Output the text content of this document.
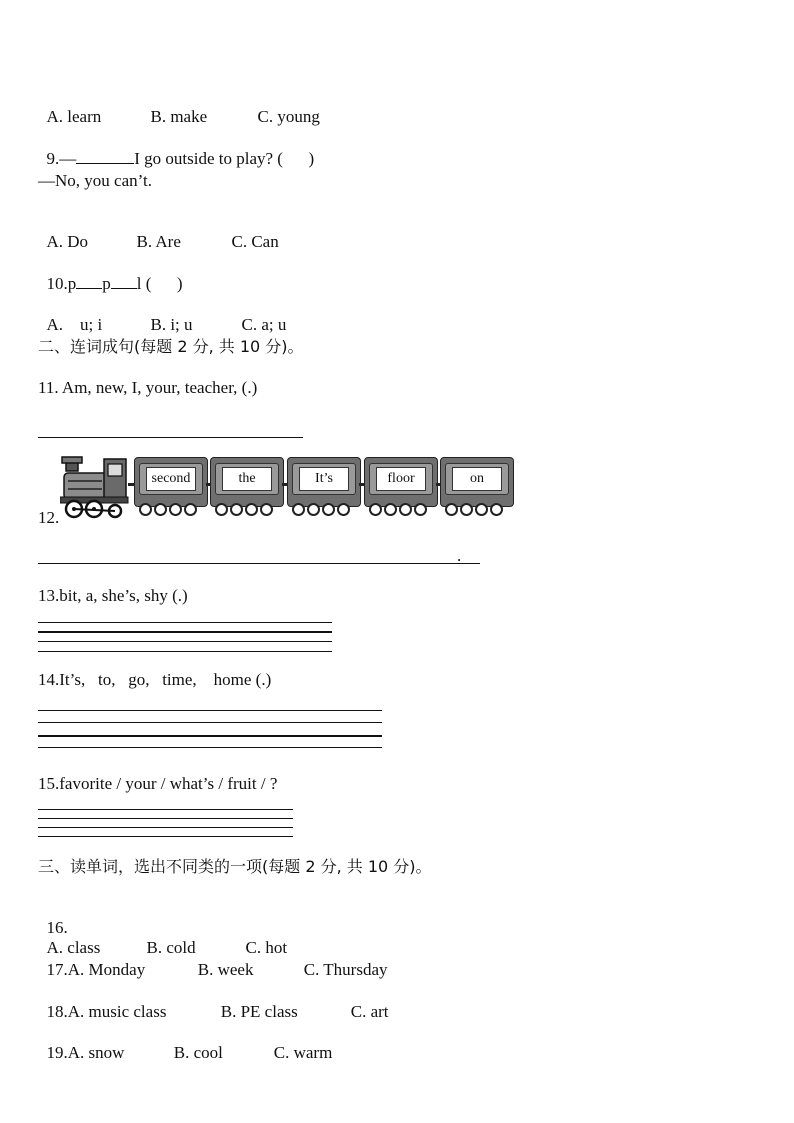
A. learn	B. make	C. young

9.—	I go outside to play? (      )

—No, you can’t.

A. Do	B. Are	C. Can

10.p p l (      )

A.    u; i	B. i; u	C. a; u

二、连词成句(每题 2 分, 共 10 分)。
11. Am, new, I, your, teacher, (.)
12.
second	the	It’s	floor	on
.
13.bit, a, she’s, shy (.)
14.It’s,   to,   go,   time,    home (.)
15.favorite / your / what’s / fruit / ?
三、读单词，选出不同类的一项(每题 2 分, 共 10 分)。

16.
A. class	B. cold	C. hot

17.A. Monday	B. week	C. Thursday

18.A. music class	B. PE class	C. art

19.A. snow	B. cool	C. warm
